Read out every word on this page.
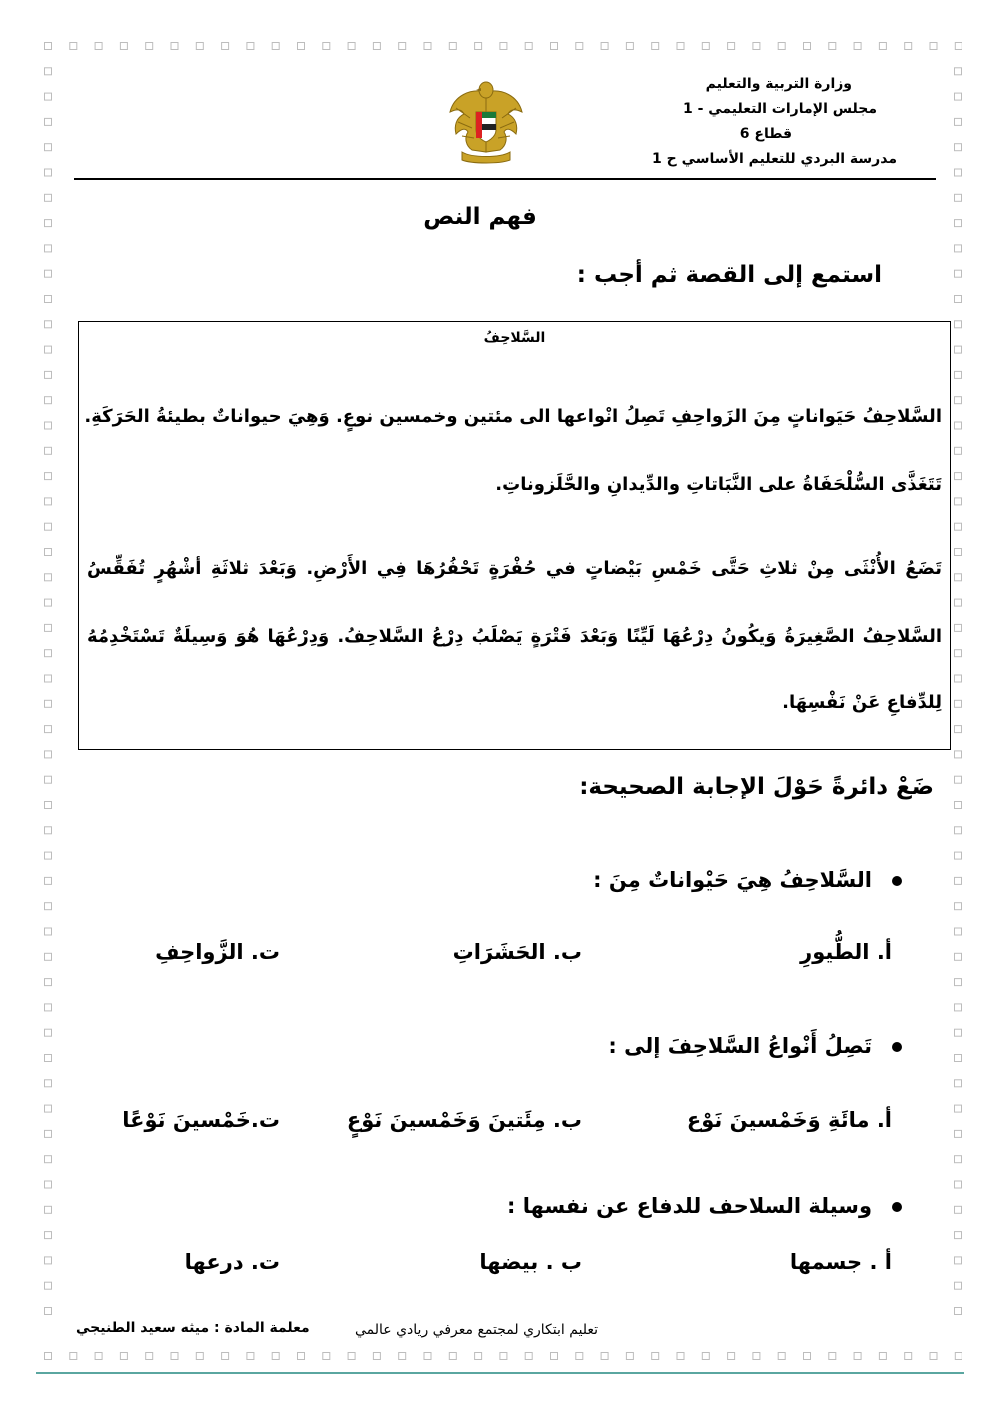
وزارة التربية والتعليم
مجلس الإمارات التعليمي - 1
قطاع 6
مدرسة البردي للتعليم الأساسي ح 1
فهم النص
استمع إلى القصة ثم أجب :
السَّلاحِفُ
السَّلاحِفُ حَيَواناتٍ مِنَ الزَواحِفِ تَصِلُ انْواعها الى مئتين وخمسين نوعٍ. وَهِيَ حيواناتٌ بطيئةُ الحَرَكَةِ.
تَتَغَذَّى السُّلْحَفَاةُ على النَّبَاتاتِ والدِّيدانِ والحَّلَزوناتِ.
تَضَعُ الأُنْثَى مِنْ ثلاثِ حَتَّى خَمْسِ بَيْضاتٍ في حُفْرَةٍ تَحْفُرُهَا فِي الأَرْضِ. وَبَعْدَ ثلاثَةِ أشْهُرٍ تُفَقِّسُ
السَّلاحِفُ الصَّغِيرَةُ وَيكُونُ دِرْعُهَا لَيِّنًا وَبَعْدَ فَتْرَةٍ يَصْلَبُ دِرْعُ السَّلاحِفُ. وَدِرْعُهَا هُوَ وَسِيلَةٌ تَسْتَخْدِمُهُ
لِلدِّفاعِ عَنْ نَفْسِهَا.
ضَعْ دائرةً حَوْلَ الإجابة الصحيحة:
السَّلاحِفُ هِيَ حَيْواناتٌ مِنَ :
أ. الطُّيورِ
ب. الحَشَرَاتِ
ت. الزَّواحِفِ
تَصِلُ أَنْواعُ السَّلاحِفَ إلى :
أ. مائَةِ وَخَمْسينَ نَوْع
ب. مِئَتينَ وَخَمْسينَ نَوْعٍ
ت.خَمْسينَ نَوْعًا
وسيلة السلاحف للدفاع عن نفسها :
أ . جسمها
ب . بيضها
ت. درعها
تعليم ابتكاري لمجتمع معرفي ريادي عالمي
معلمة المادة : ميثه سعيد الطنيجي
